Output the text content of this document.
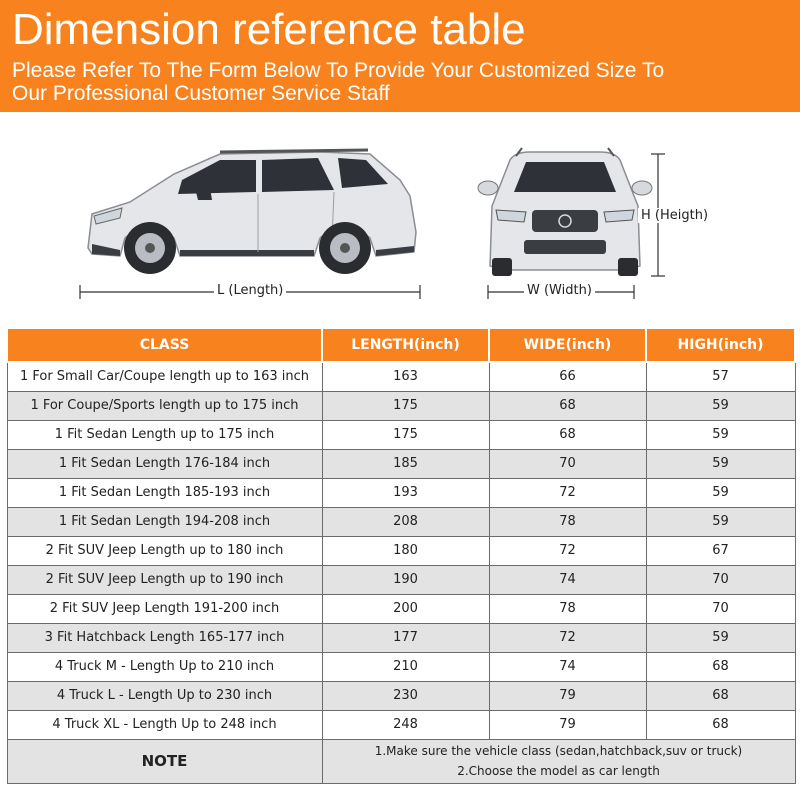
Dimension reference table
Please Refer To The Form Below To Provide Your Customized Size To
Our Professional Customer Service Staff
L (Length)	W (Width)
H (Heigth)
CLASS	LENGTH(inch)	WIDE(inch)	HIGH(inch)
1 For Small Car/Coupe length up to 163 inch	163	66	57
1 For Coupe/Sports length up to 175 inch	175	68	59
1 Fit Sedan Length up to 175 inch	175	68	59
1 Fit Sedan Length 176-184 inch	185	70	59
1 Fit Sedan Length 185-193 inch	193	72	59
1 Fit Sedan Length 194-208 inch	208	78	59
2 Fit SUV Jeep Length up to 180 inch	180	72	67
2 Fit SUV Jeep Length up to 190 inch	190	74	70
2 Fit SUV Jeep Length 191-200 inch	200	78	70
3 Fit Hatchback Length 165-177 inch	177	72	59
4 Truck M - Length Up to 210 inch	210	74	68
4 Truck L - Length Up to 230 inch	230	79	68
4 Truck XL - Length Up to 248 inch	248	79	68
NOTE	1.Make sure the vehicle class (sedan,hatchback,suv or truck)
2.Choose the model as car length		
